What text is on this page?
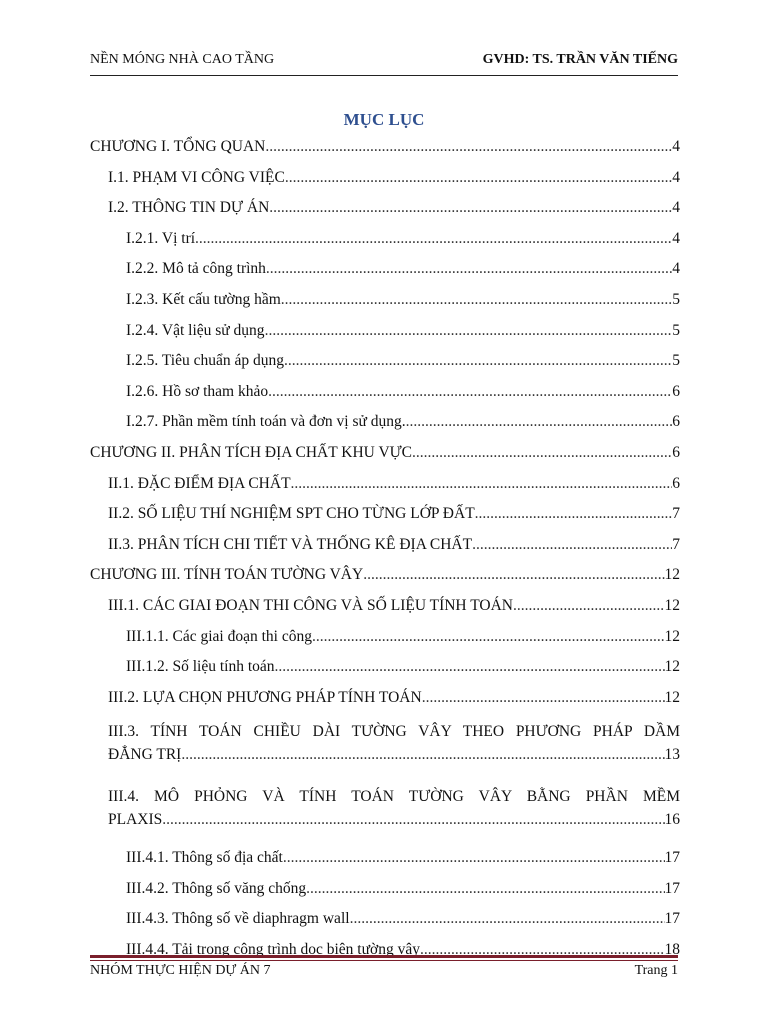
NỀN MÓNG NHÀ CAO TẦNG	GVHD: TS. TRẦN VĂN TIẾNG
MỤC LỤC
CHƯƠNG I. TỔNG QUAN .....	4
I.1. PHẠM VI CÔNG VIỆC .....	4
I.2. THÔNG TIN DỰ ÁN .....	4
I.2.1. Vị trí .....	4
I.2.2. Mô tả công trình .....	4
I.2.3. Kết cấu tường hầm .....	5
I.2.4. Vật liệu sử dụng .....	5
I.2.5. Tiêu chuẩn áp dụng .....	5
I.2.6. Hồ sơ tham khảo .....	6
I.2.7. Phần mềm tính toán và đơn vị sử dụng. .....	6
CHƯƠNG II. PHÂN TÍCH ĐỊA CHẤT KHU VỰC .....	6
II.1. ĐẶC ĐIỂM ĐỊA CHẤT .....	6
II.2. SỐ LIỆU THÍ NGHIỆM SPT CHO TỪNG LỚP ĐẤT .....	7
II.3. PHÂN TÍCH CHI TIẾT VÀ THỐNG KÊ ĐỊA CHẤT .....	7
CHƯƠNG III. TÍNH TOÁN TƯỜNG VÂY .....	12
III.1. CÁC GIAI ĐOẠN THI CÔNG VÀ SỐ LIỆU TÍNH TOÁN .....	12
III.1.1. Các giai đoạn thi công .....	12
III.1.2. Số liệu tính toán .....	12
III.2. LỰA CHỌN PHƯƠNG PHÁP TÍNH TOÁN .....	12
III.3. TÍNH TOÁN CHIỀU DÀI TƯỜNG VÂY THEO PHƯƠNG PHÁP DẦM
ĐẲNG TRỊ .....	13
III.4. MÔ PHỎNG VÀ TÍNH TOÁN TƯỜNG VÂY BẰNG PHẦN MỀM
PLAXIS .....	16
III.4.1. Thông số địa chất .....	17
III.4.2. Thông số văng chống .....	17
III.4.3. Thông số về diaphragm wall .....	17
III.4.4. Tải trọng công trình dọc biên tường vây .....	18
NHÓM THỰC HIỆN DỰ ÁN 7	Trang 1
